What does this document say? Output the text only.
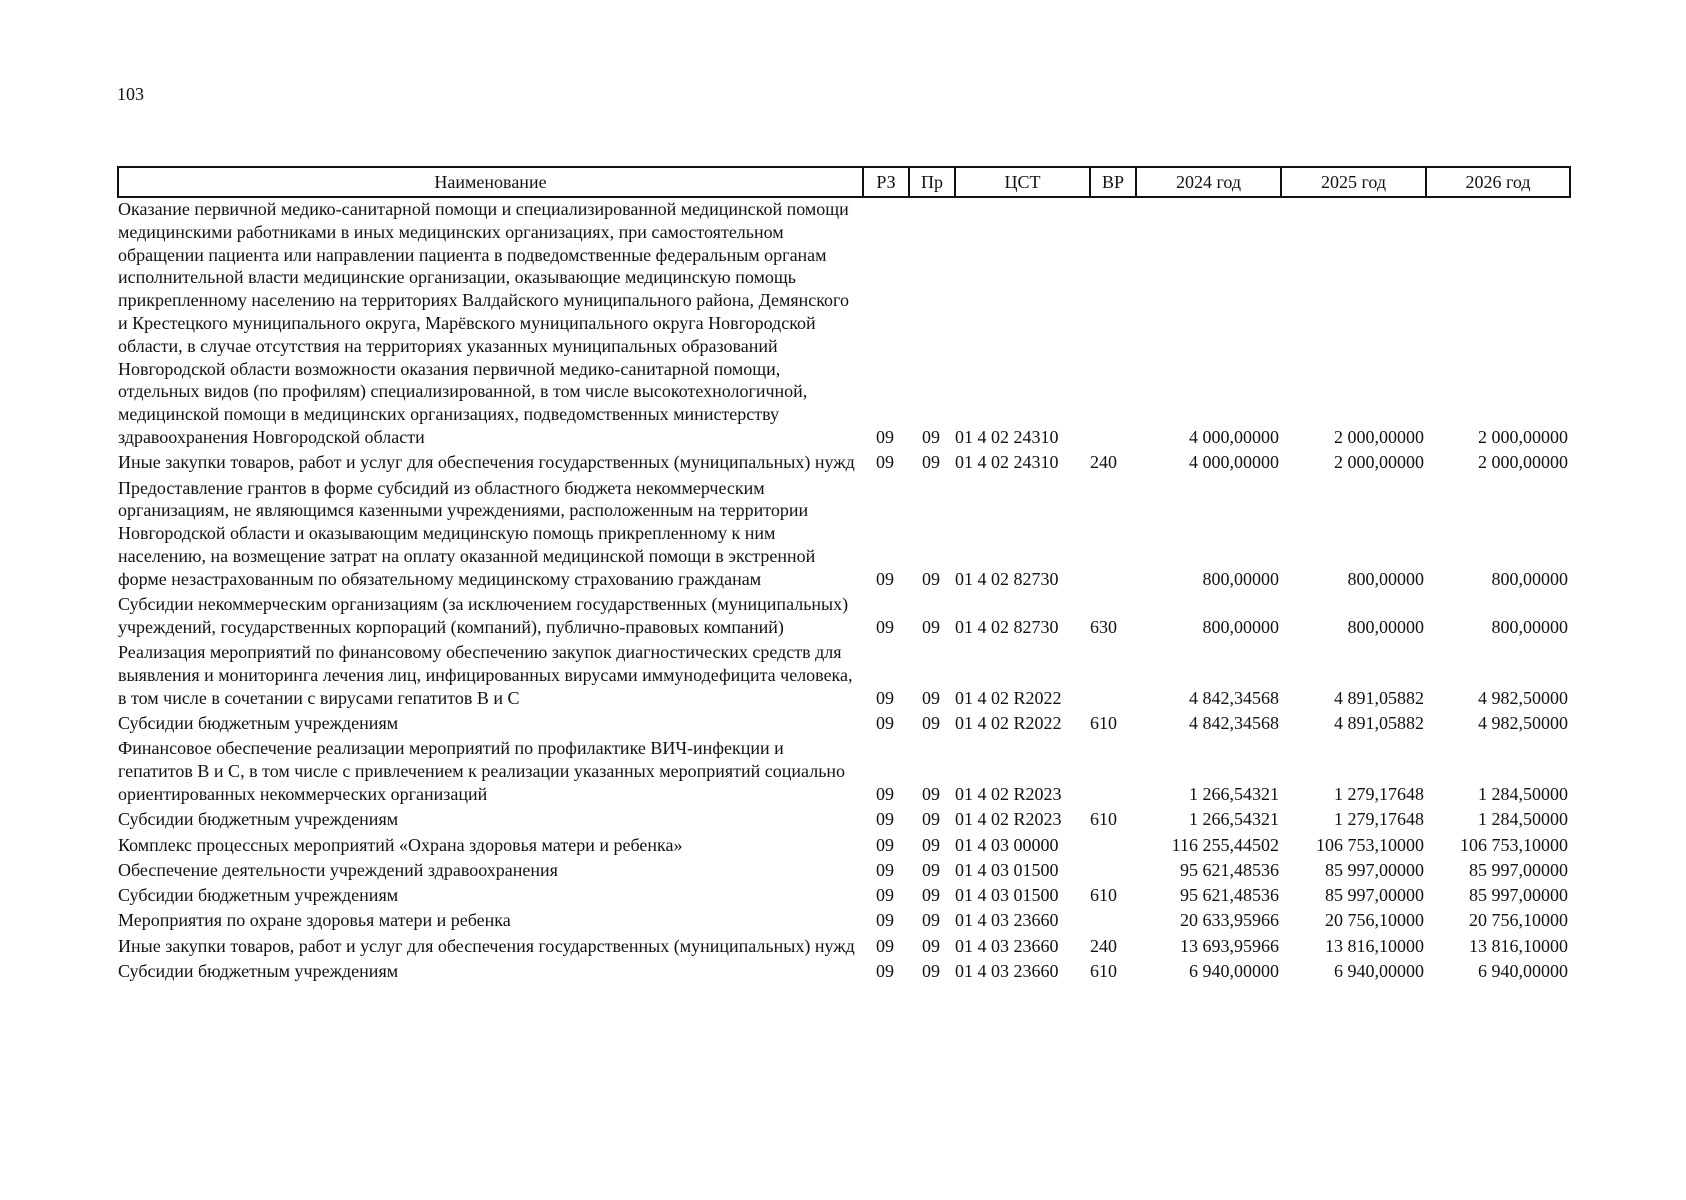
103
Наименование	РЗ	Пр	ЦСТ	ВР	2024 год	2025 год	2026 год
Оказание первичной медико-санитарной помощи и специализированной медицинской помощи медицинскими работниками в иных медицинских организациях, при самостоятельном обращении пациента или направлении пациента в подведомственные федеральным органам исполнительной власти медицинские организации, оказывающие медицинскую помощь прикрепленному населению на территориях Валдайского муниципального района, Демянского и Крестецкого муниципального округа, Марёвского муниципального округа Новгородской области, в случае отсутствия на территориях указанных муниципальных образований Новгородской области возможности оказания первичной медико-санитарной помощи, отдельных видов (по профилям) специализированной, в том числе высокотехнологичной, медицинской помощи в медицинских организациях, подведомственных министерству здравоохранения Новгородской области	09	09	01 4 02 24310		4 000,00000	2 000,00000	2 000,00000
Иные закупки товаров, работ и услуг для обеспечения государственных (муниципальных) нужд	09	09	01 4 02 24310	240	4 000,00000	2 000,00000	2 000,00000
Предоставление грантов в форме субсидий из областного бюджета некоммерческим организациям, не являющимся казенными учреждениями, расположенным на территории Новгородской области и оказывающим медицинскую помощь прикрепленному к ним населению, на возмещение затрат на оплату оказанной медицинской помощи в экстренной форме незастрахованным по обязательному медицинскому страхованию гражданам	09	09	01 4 02 82730		800,00000	800,00000	800,00000
Субсидии некоммерческим организациям (за исключением государственных (муниципальных) учреждений, государственных корпораций (компаний), публично-правовых компаний)	09	09	01 4 02 82730	630	800,00000	800,00000	800,00000
Реализация мероприятий по финансовому обеспечению закупок диагностических средств для выявления и мониторинга лечения лиц, инфицированных вирусами иммунодефицита человека, в том числе в сочетании с вирусами гепатитов В и С	09	09	01 4 02 R2022		4 842,34568	4 891,05882	4 982,50000
Субсидии бюджетным учреждениям	09	09	01 4 02 R2022	610	4 842,34568	4 891,05882	4 982,50000
Финансовое обеспечение реализации мероприятий по профилактике ВИЧ-инфекции и гепатитов В и С, в том числе с привлечением к реализации указанных мероприятий социально ориентированных некоммерческих организаций	09	09	01 4 02 R2023		1 266,54321	1 279,17648	1 284,50000
Субсидии бюджетным учреждениям	09	09	01 4 02 R2023	610	1 266,54321	1 279,17648	1 284,50000
Комплекс процессных мероприятий «Охрана здоровья матери и ребенка»	09	09	01 4 03 00000		116 255,44502	106 753,10000	106 753,10000
Обеспечение деятельности учреждений здравоохранения	09	09	01 4 03 01500		95 621,48536	85 997,00000	85 997,00000
Субсидии бюджетным учреждениям	09	09	01 4 03 01500	610	95 621,48536	85 997,00000	85 997,00000
Мероприятия по охране здоровья матери и ребенка	09	09	01 4 03 23660		20 633,95966	20 756,10000	20 756,10000
Иные закупки товаров, работ и услуг для обеспечения государственных (муниципальных) нужд	09	09	01 4 03 23660	240	13 693,95966	13 816,10000	13 816,10000
Субсидии бюджетным учреждениям	09	09	01 4 03 23660	610	6 940,00000	6 940,00000	6 940,00000
